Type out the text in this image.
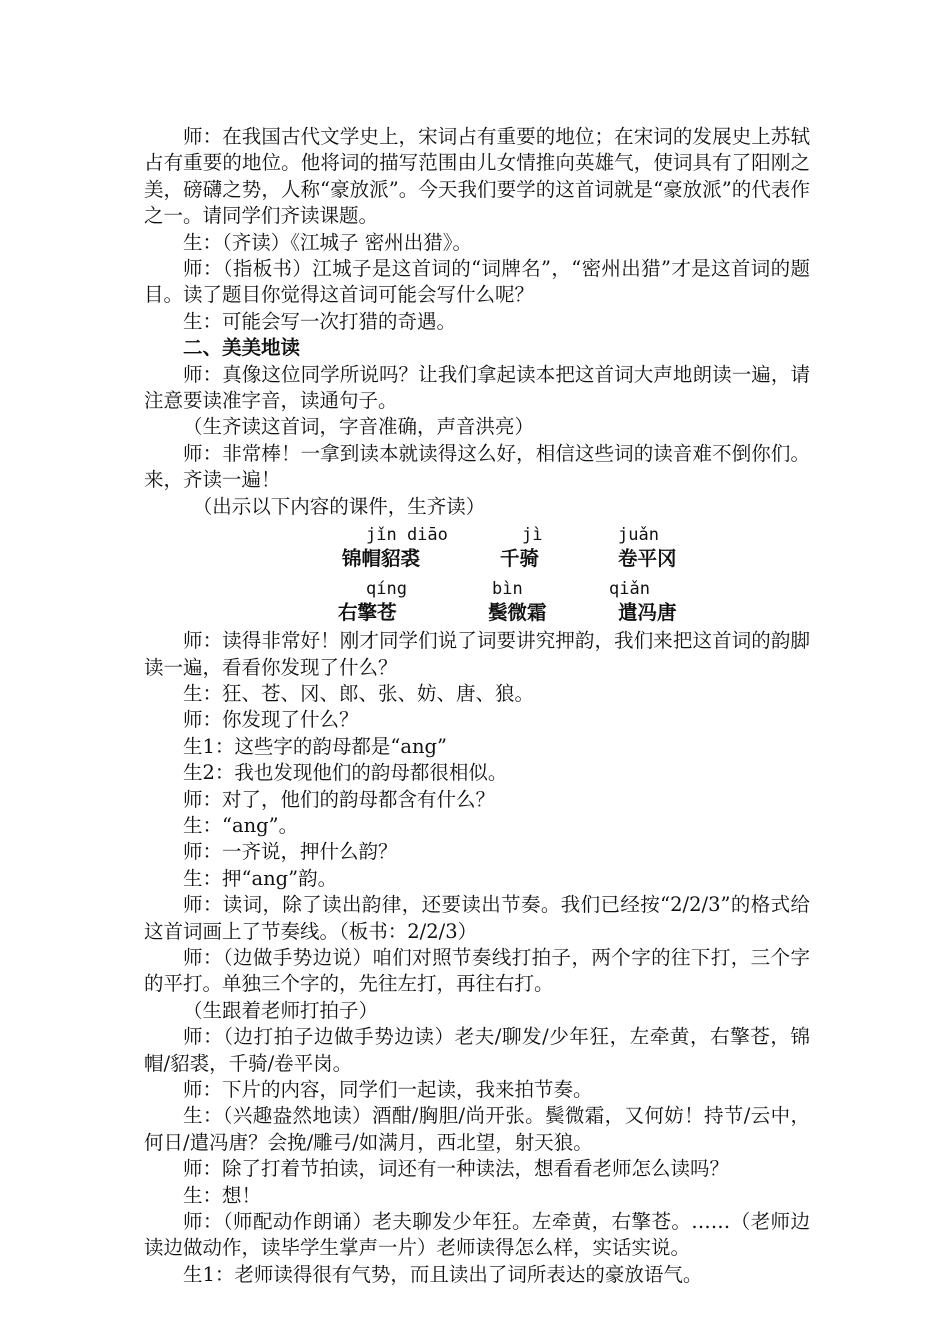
师：在我国古代文学史上，宋词占有重要的地位；在宋词的发展史上苏轼占有重要的地位。他将词的描写范围由儿女情推向英雄气，使词具有了阳刚之美，磅礴之势，人称“豪放派”。今天我们要学的这首词就是“豪放派”的代表作之一。请同学们齐读课题。

生：（齐读）《江城子 密州出猎》。

师：（指板书）江城子是这首词的“词牌名”，“密州出猎”才是这首词的题目。读了题目你觉得这首词可能会写什么呢？

生：可能会写一次打猎的奇遇。

二、美美地读

师：真像这位同学所说吗？让我们拿起读本把这首词大声地朗读一遍，请注意要读准字音，读通句子。

（生齐读这首词，字音准确，声音洪亮）

师：非常棒！一拿到读本就读得这么好，相信这些词的读音难不倒你们。来，齐读一遍！

（出示以下内容的课件，生齐读）

jǐn diāo	jì	juǎn
锦帽貂裘	千骑	卷平冈
qíng	bìn	qiǎn
右擎苍	鬓微霜	遣冯唐

师：读得非常好！刚才同学们说了词要讲究押韵，我们来把这首词的韵脚读一遍，看看你发现了什么？

生：狂、苍、冈、郎、张、妨、唐、狼。

师：你发现了什么？

生1：这些字的韵母都是“ang”

生2：我也发现他们的韵母都很相似。

师：对了，他们的韵母都含有什么？

生：“ang”。

师：一齐说，押什么韵？

生：押“ang”韵。

师：读词，除了读出韵律，还要读出节奏。我们已经按“2/2/3”的格式给这首词画上了节奏线。（板书：2/2/3）

师：（边做手势边说）咱们对照节奏线打拍子，两个字的往下打，三个字的平打。单独三个字的，先往左打，再往右打。

（生跟着老师打拍子）

师：（边打拍子边做手势边读）老夫/聊发/少年狂，左牵黄，右擎苍，锦帽/貂裘，千骑/卷平岗。

师：下片的内容，同学们一起读，我来拍节奏。

生：（兴趣盎然地读）酒酣/胸胆/尚开张。鬓微霜，又何妨！持节/云中，何日/遣冯唐？会挽/雕弓/如满月，西北望，射天狼。

师：除了打着节拍读，词还有一种读法，想看看老师怎么读吗？

生：想！

师：（师配动作朗诵）老夫聊发少年狂。左牵黄，右擎苍。……（老师边读边做动作，读毕学生掌声一片）老师读得怎么样，实话实说。

生1：老师读得很有气势，而且读出了词所表达的豪放语气。
